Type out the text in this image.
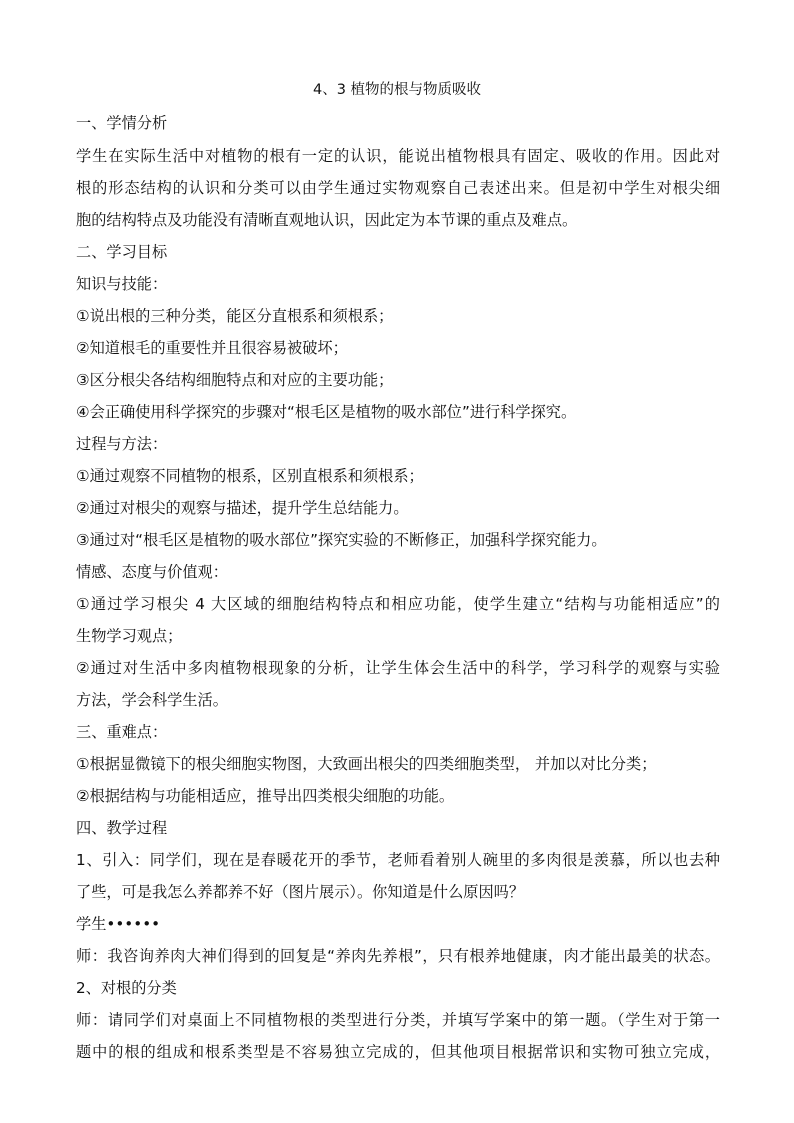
4、3 植物的根与物质吸收
一、学情分析
学生在实际生活中对植物的根有一定的认识，能说出植物根具有固定、吸收的作用。因此对
根的形态结构的认识和分类可以由学生通过实物观察自己表述出来。但是初中学生对根尖细
胞的结构特点及功能没有清晰直观地认识，因此定为本节课的重点及难点。
二、学习目标
知识与技能：
①说出根的三种分类，能区分直根系和须根系；
②知道根毛的重要性并且很容易被破坏；
③区分根尖各结构细胞特点和对应的主要功能；
④会正确使用科学探究的步骤对“根毛区是植物的吸水部位”进行科学探究。
过程与方法：
①通过观察不同植物的根系，区别直根系和须根系；
②通过对根尖的观察与描述，提升学生总结能力。
③通过对“根毛区是植物的吸水部位”探究实验的不断修正，加强科学探究能力。
情感、态度与价值观：
①通过学习根尖 4 大区域的细胞结构特点和相应功能，使学生建立“结构与功能相适应”的
生物学习观点；
②通过对生活中多肉植物根现象的分析，让学生体会生活中的科学，学习科学的观察与实验
方法，学会科学生活。
三、重难点：
①根据显微镜下的根尖细胞实物图，大致画出根尖的四类细胞类型， 并加以对比分类；
②根据结构与功能相适应，推导出四类根尖细胞的功能。
四、教学过程
1、引入：同学们，现在是春暖花开的季节，老师看着别人碗里的多肉很是羡慕，所以也去种
了些，可是我怎么养都养不好（图片展示）。你知道是什么原因吗？
学生••••••
师：我咨询养肉大神们得到的回复是“养肉先养根”，只有根养地健康，肉才能出最美的状态。
2、对根的分类
师：请同学们对桌面上不同植物根的类型进行分类，并填写学案中的第一题。（学生对于第一
题中的根的组成和根系类型是不容易独立完成的，但其他项目根据常识和实物可独立完成，
